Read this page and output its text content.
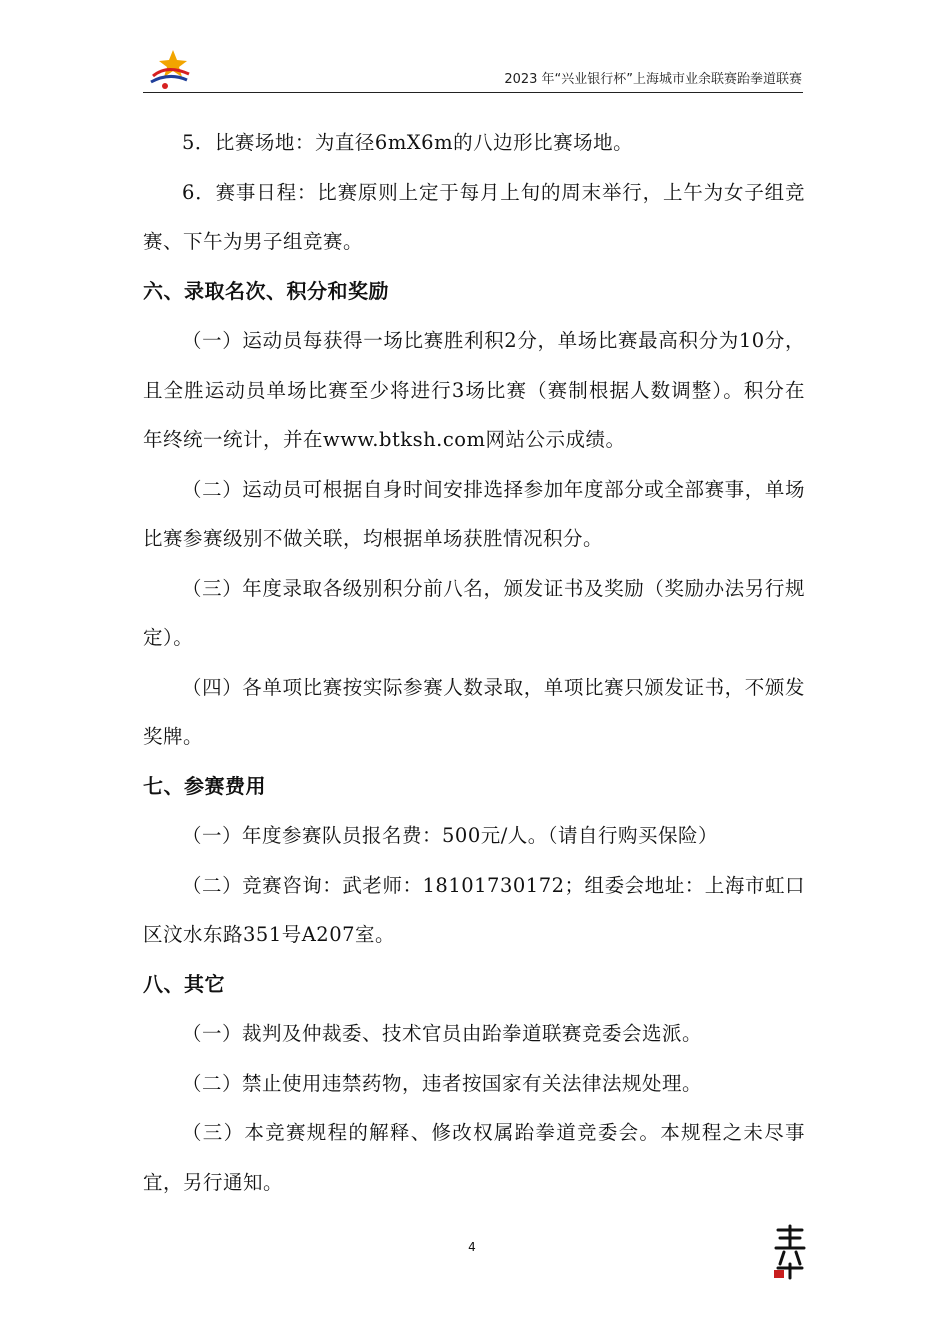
2023 年“兴业银行杯”上海城市业余联赛跆拳道联赛

5．比赛场地：为直径6mX6m的八边形比赛场地。

6．赛事日程：比赛原则上定于每月上旬的周末举行，上午为女子组竞赛、下午为男子组竞赛。

六、录取名次、积分和奖励

（一）运动员每获得一场比赛胜利积2分，单场比赛最高积分为10分，且全胜运动员单场比赛至少将进行3场比赛（赛制根据人数调整）。积分在年终统一统计，并在www.btksh.com网站公示成绩。

（二）运动员可根据自身时间安排选择参加年度部分或全部赛事，单场比赛参赛级别不做关联，均根据单场获胜情况积分。

（三）年度录取各级别积分前八名，颁发证书及奖励（奖励办法另行规定）。

（四）各单项比赛按实际参赛人数录取，单项比赛只颁发证书，不颁发奖牌。

七、参赛费用

（一）年度参赛队员报名费：500元/人。（请自行购买保险）

（二）竞赛咨询：武老师：18101730172；组委会地址：上海市虹口区汶水东路351号A207室。

八、其它

（一）裁判及仲裁委、技术官员由跆拳道联赛竞委会选派。

（二）禁止使用违禁药物，违者按国家有关法律法规处理。

（三）本竞赛规程的解释、修改权属跆拳道竞委会。本规程之未尽事宜，另行通知。

4
